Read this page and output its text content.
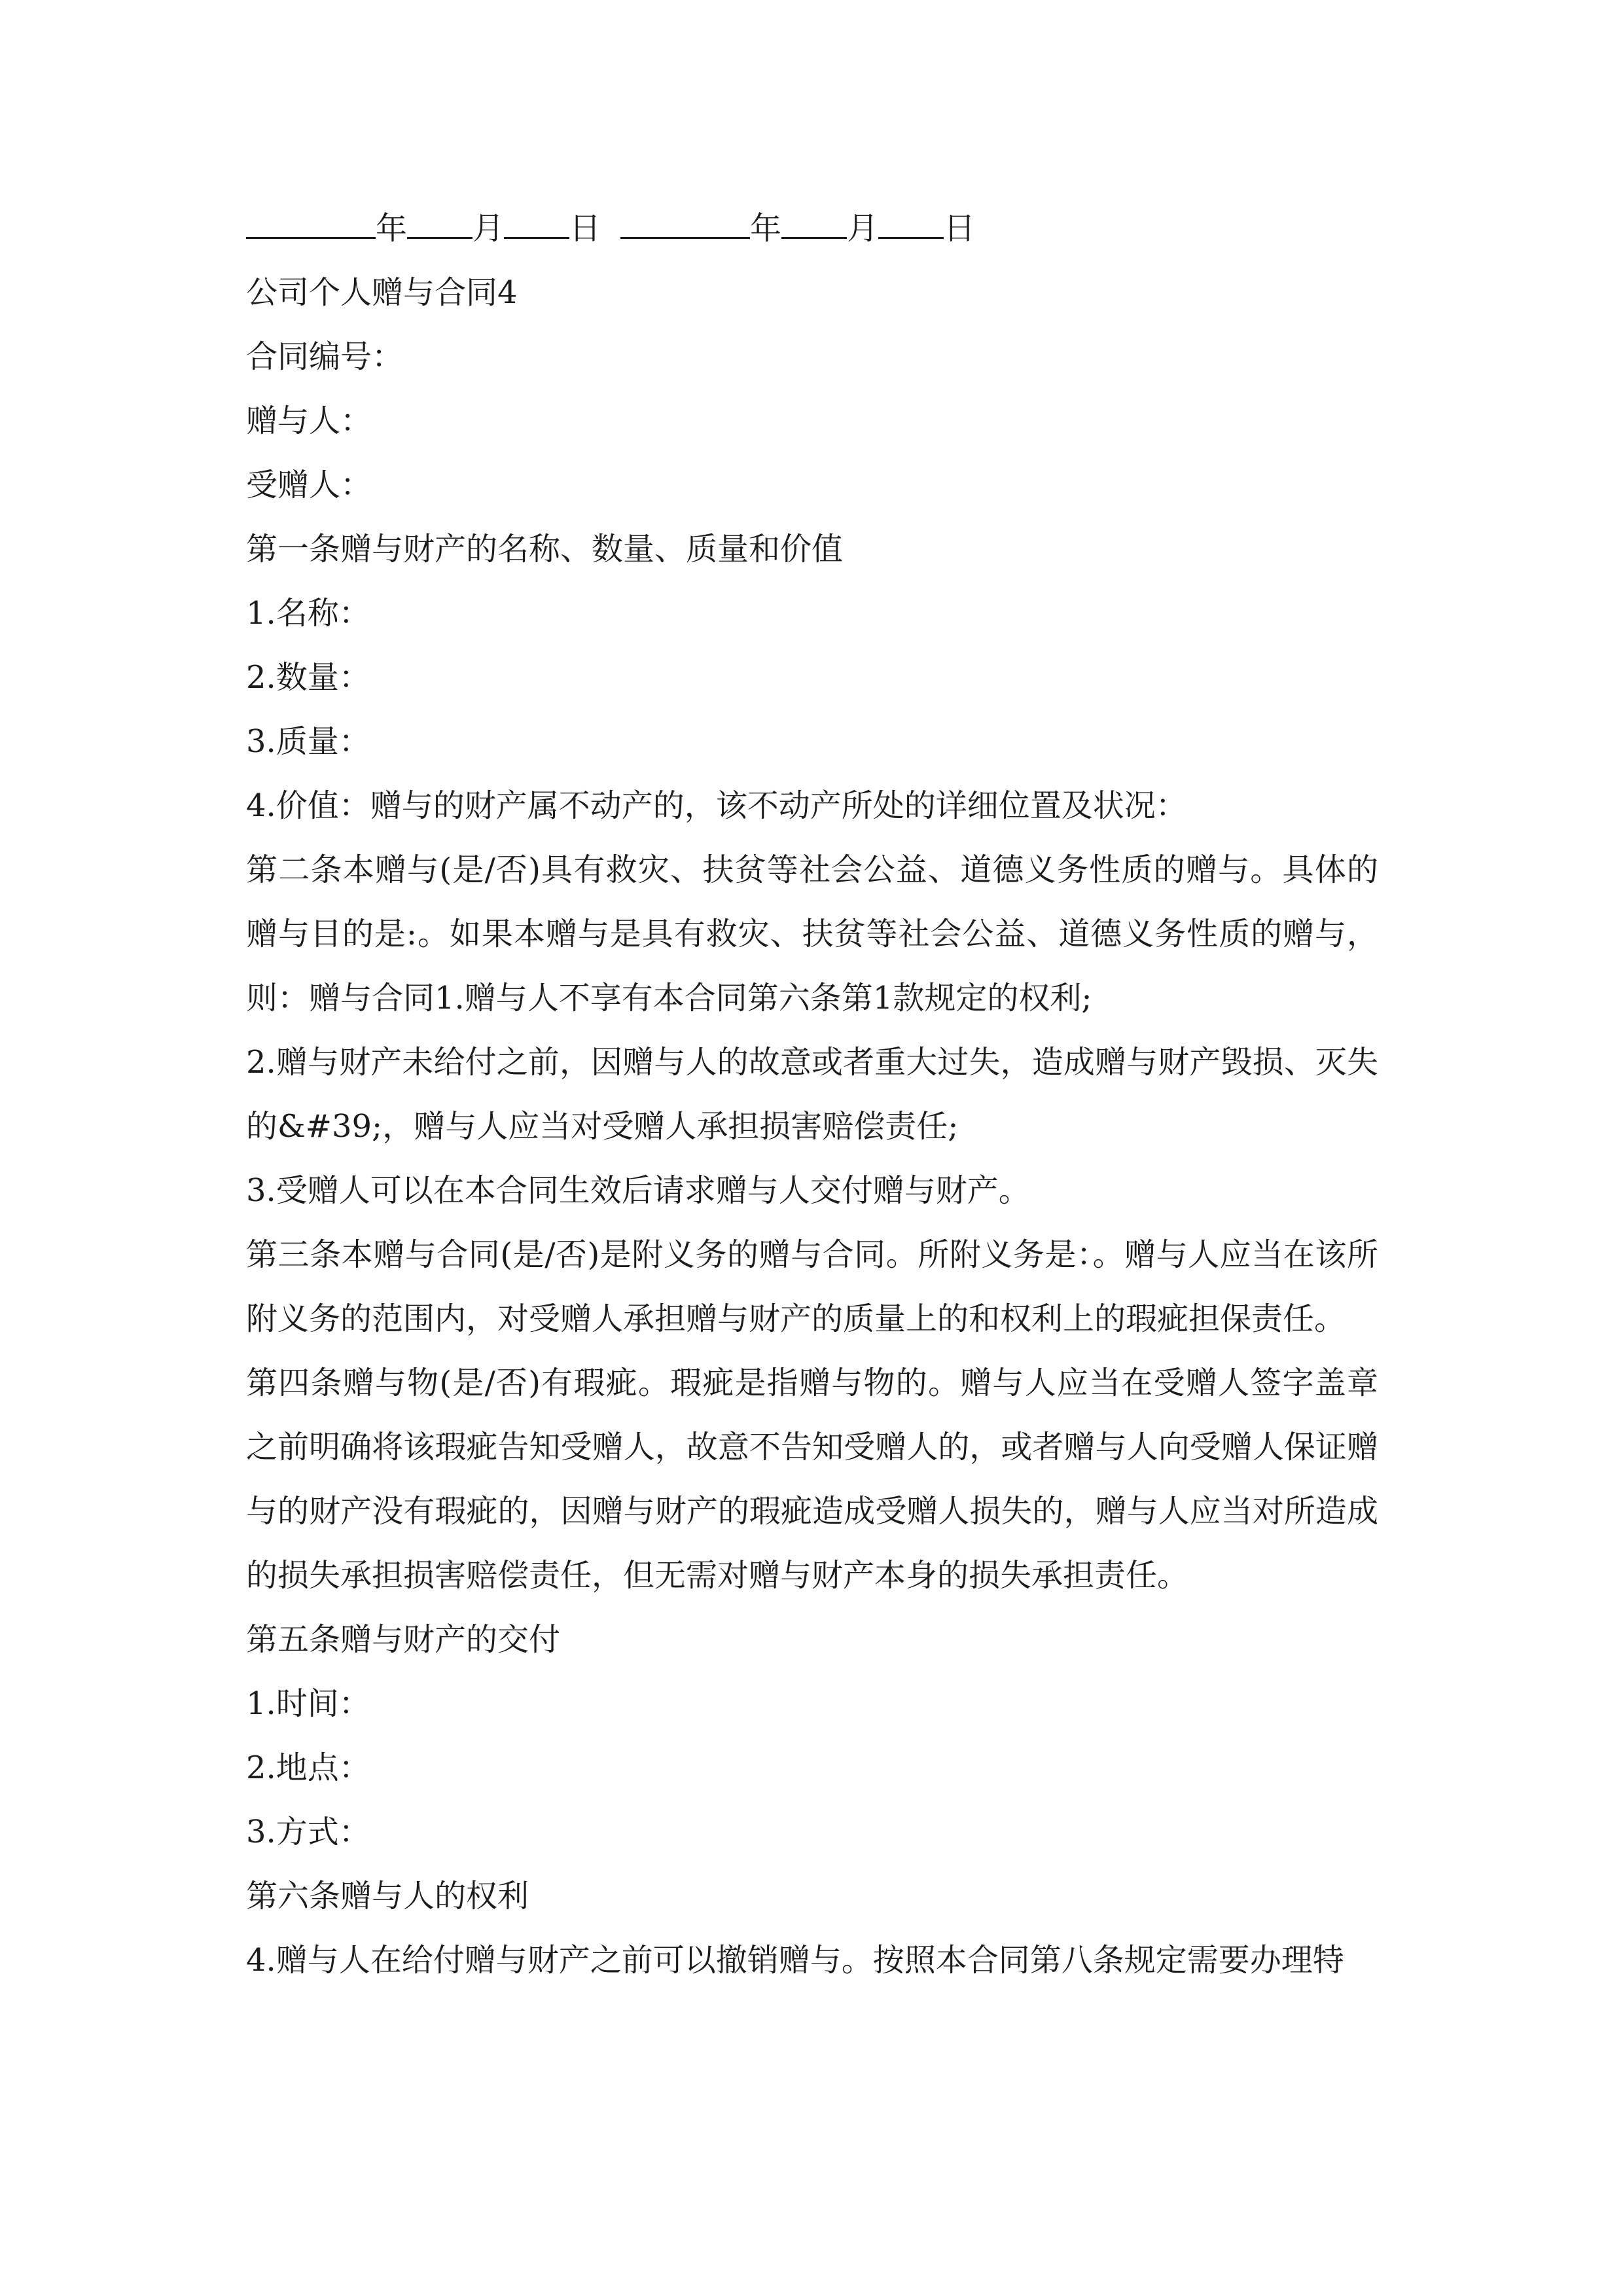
年 月 日	年 月 日
公司个人赠与合同4
合同编号：
赠与人：
受赠人：
第一条赠与财产的名称、数量、质量和价值
1.名称：
2.数量：
3.质量：
4.价值：赠与的财产属不动产的，该不动产所处的详细位置及状况：
第二条本赠与(是/否)具有救灾、扶贫等社会公益、道德义务性质的赠与。具体的赠与目的是:。如果本赠与是具有救灾、扶贫等社会公益、道德义务性质的赠与，则：赠与合同1.赠与人不享有本合同第六条第1款规定的权利;
2.赠与财产未给付之前，因赠与人的故意或者重大过失，造成赠与财产毁损、灭失的&#39;，赠与人应当对受赠人承担损害赔偿责任;
3.受赠人可以在本合同生效后请求赠与人交付赠与财产。
第三条本赠与合同(是/否)是附义务的赠与合同。所附义务是：。赠与人应当在该所附义务的范围内，对受赠人承担赠与财产的质量上的和权利上的瑕疵担保责任。
第四条赠与物(是/否)有瑕疵。瑕疵是指赠与物的。赠与人应当在受赠人签字盖章之前明确将该瑕疵告知受赠人，故意不告知受赠人的，或者赠与人向受赠人保证赠与的财产没有瑕疵的，因赠与财产的瑕疵造成受赠人损失的，赠与人应当对所造成的损失承担损害赔偿责任，但无需对赠与财产本身的损失承担责任。
第五条赠与财产的交付
1.时间：
2.地点：
3.方式：
第六条赠与人的权利
4.赠与人在给付赠与财产之前可以撤销赠与。按照本合同第八条规定需要办理特
